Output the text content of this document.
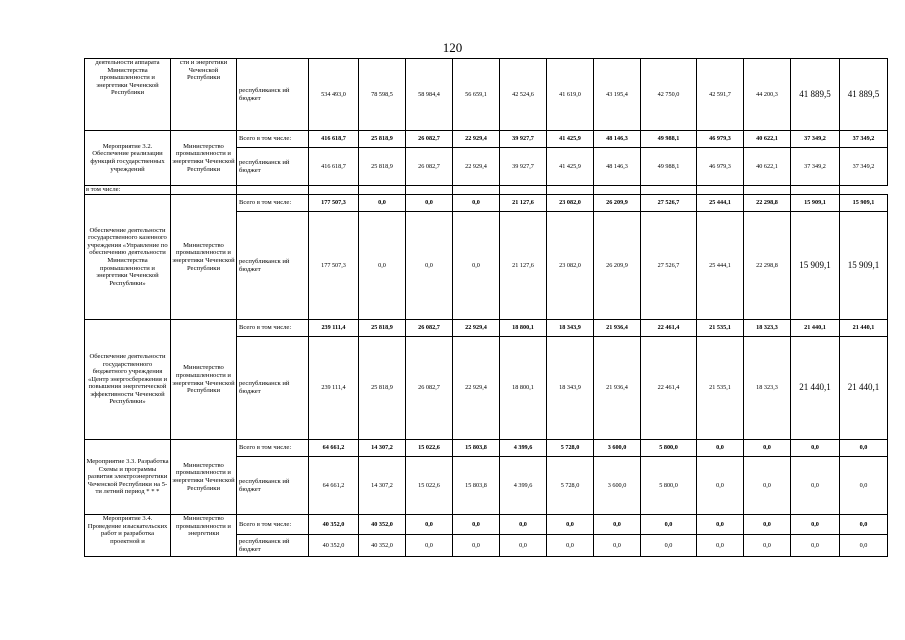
120
деятельности аппарата Министерства промышленности и энергетики Чеченской Республики	сти и энергетики Чеченской Республики	республиканск ий бюджет	534 493,0	78 598,5	58 984,4	56 659,1	42 524,6	41 619,0	43 195,4	42 750,0	42 591,7	44 200,3	41 889,5	41 889,5
Мероприятие 3.2. Обеспечение реализации функций государственных учреждений	Министерство промышленности и энергетики Чеченской Республики	Всего в том числе:	416 618,7	25 818,9	26 082,7	22 929,4	39 927,7	41 425,9	48 146,3	49 988,1	46 979,3	40 622,1	37 349,2	37 349,2
		республиканск ий бюджет	416 618,7	25 818,9	26 082,7	22 929,4	39 927,7	41 425,9	48 146,3	49 988,1	46 979,3	40 622,1	37 349,2	37 349,2
в том числе:														
Обеспечение деятельности государственного казенного учреждения «Управление по обеспечению деятельности Министерства промышленности и энергетики Чеченской Республики»	Министерство промышленности и энергетики Чеченской Республики	Всего в том числе:	177 507,3	0,0	0,0	0,0	21 127,6	23 082,0	26 209,9	27 526,7	25 444,1	22 298,8	15 909,1	15 909,1
		республиканск ий бюджет	177 507,3	0,0	0,0	0,0	21 127,6	23 082,0	26 209,9	27 526,7	25 444,1	22 298,8	15 909,1	15 909,1
Обеспечение деятельности государственного бюджетного учреждения «Центр энергосбережения и повышения энергетической эффективности Чеченской Республики»	Министерство промышленности и энергетики Чеченской Республики	Всего в том числе:	239 111,4	25 818,9	26 082,7	22 929,4	18 800,1	18 343,9	21 936,4	22 461,4	21 535,1	18 323,3	21 440,1	21 440,1
		республиканск ий бюджет	239 111,4	25 818,9	26 082,7	22 929,4	18 800,1	18 343,9	21 936,4	22 461,4	21 535,1	18 323,3	21 440,1	21 440,1
Мероприятие 3.3. Разработка Схемы и программы развития электроэнергетики Чеченской Республики на 5-ти летний период * * *	Министерство промышленности и энергетики Чеченской Республики	Всего в том числе:	64 661,2	14 307,2	15 022,6	15 803,8	4 399,6	5 728,0	3 600,0	5 800,0	0,0	0,0	0,0	0,0
		республиканск ий бюджет	64 661,2	14 307,2	15 022,6	15 803,8	4 399,6	5 728,0	3 600,0	5 800,0	0,0	0,0	0,0	0,0
Мероприятие 3.4. Проведение изыскательских работ и разработка проектной и	Министерство промышленности и энергетики	Всего в том числе:	40 352,0	40 352,0	0,0	0,0	0,0	0,0	0,0	0,0	0,0	0,0	0,0	0,0
		республиканск ий бюджет	40 352,0	40 352,0	0,0	0,0	0,0	0,0	0,0	0,0	0,0	0,0	0,0	0,0
